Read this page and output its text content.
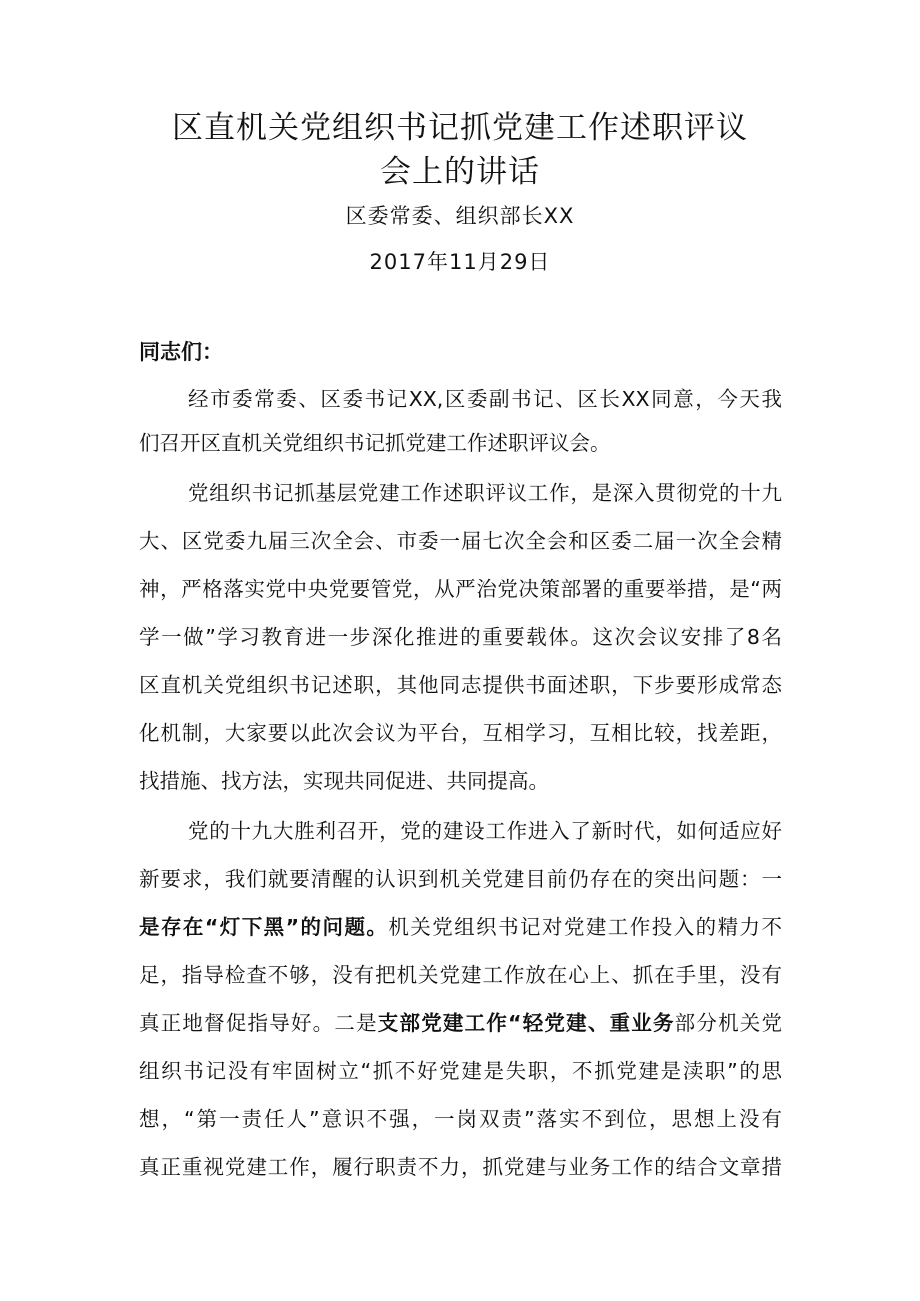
区直机关党组织书记抓党建工作述职评议
会上的讲话
区委常委、组织部长XX
2017年11月29日
同志们：
经市委常委、区委书记XX,区委副书记、区长XX同意，今天我
们召开区直机关党组织书记抓党建工作述职评议会。
党组织书记抓基层党建工作述职评议工作，是深入贯彻党的十九
大、区党委九届三次全会、市委一届七次全会和区委二届一次全会精
神，严格落实党中央党要管党，从严治党决策部署的重要举措，是“两
学一做”学习教育进一步深化推进的重要载体。这次会议安排了8名
区直机关党组织书记述职，其他同志提供书面述职，下步要形成常态
化机制，大家要以此次会议为平台，互相学习，互相比较，找差距，
找措施、找方法，实现共同促进、共同提高。
党的十九大胜利召开，党的建设工作进入了新时代，如何适应好
新要求，我们就要清醒的认识到机关党建目前仍存在的突出问题：一
是存在“灯下黑”的问题。机关党组织书记对党建工作投入的精力不
足，指导检查不够，没有把机关党建工作放在心上、抓在手里，没有
真正地督促指导好。二是支部党建工作“轻党建、重业务部分机关党
组织书记没有牢固树立“抓不好党建是失职，不抓党建是渎职”的思
想，“第一责任人”意识不强，一岗双责”落实不到位，思想上没有
真正重视党建工作，履行职责不力，抓党建与业务工作的结合文章措
